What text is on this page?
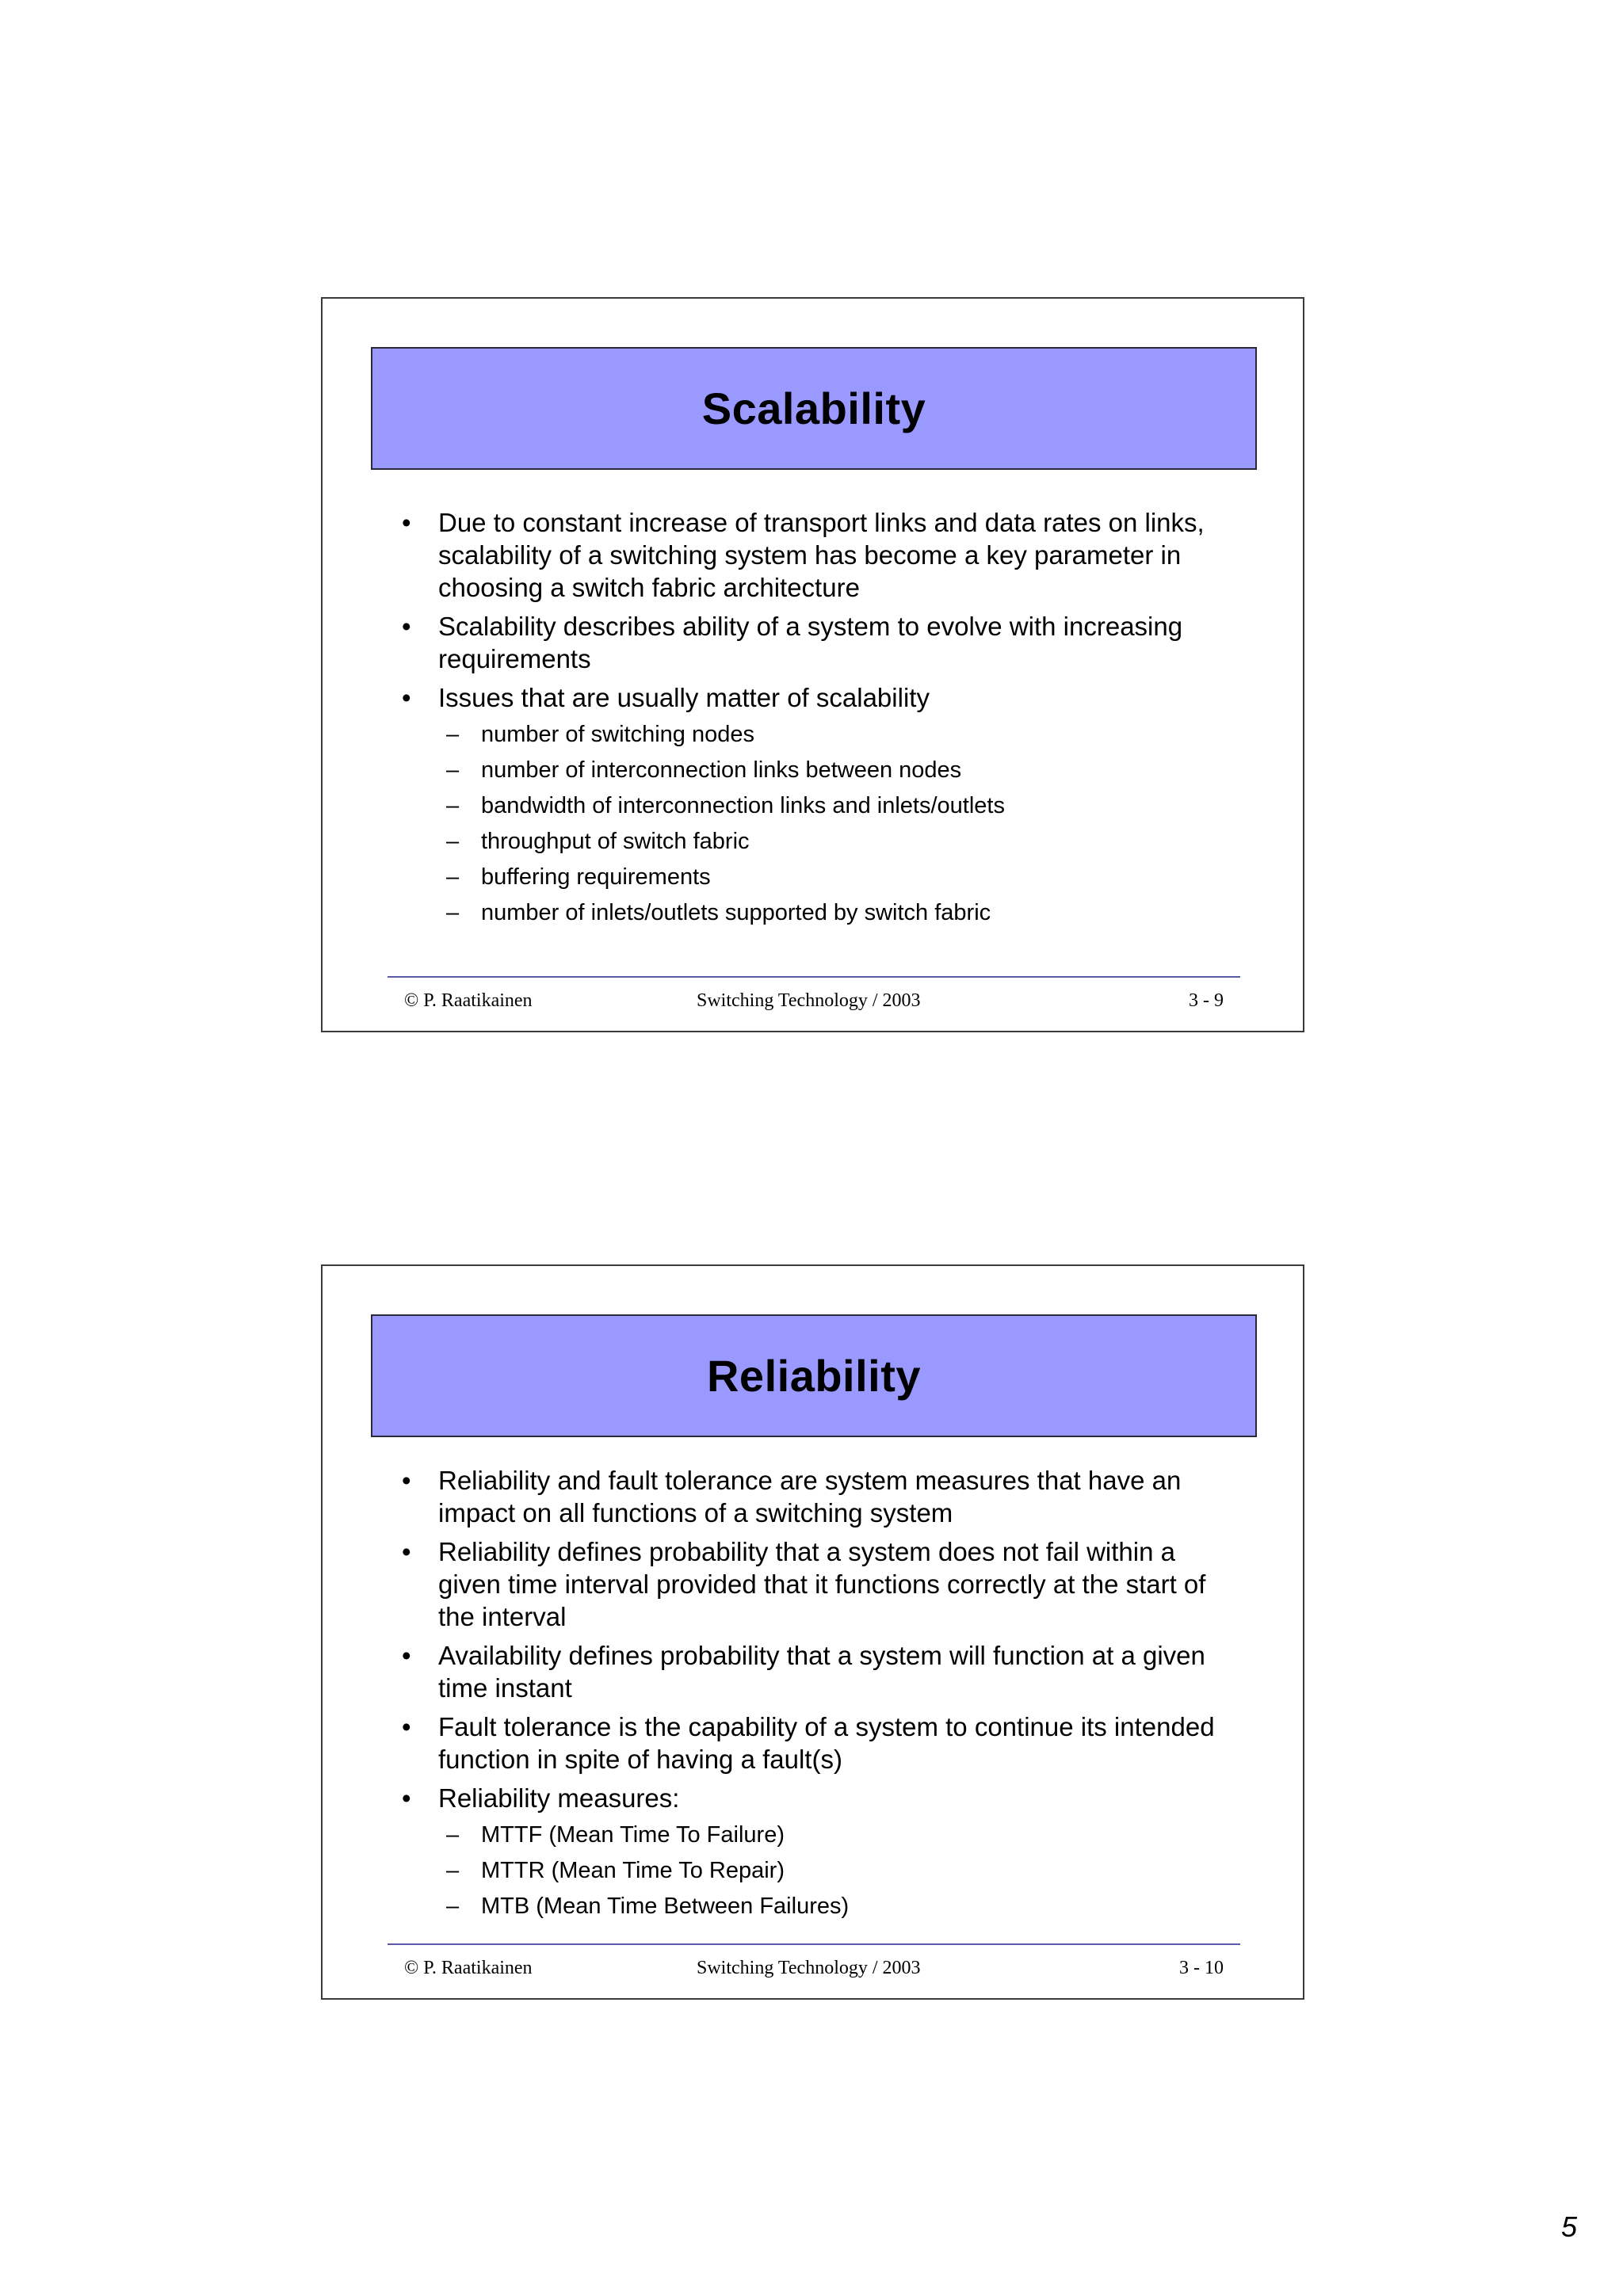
Scalability
•	Due to constant increase of transport links and data rates on links, scalability of a switching system has become a key parameter in choosing a switch fabric architecture
•	Scalability describes ability of a system to evolve with increasing requirements
•	Issues that are usually matter of scalability
– number of switching nodes
– number of interconnection links between nodes
– bandwidth of interconnection links and inlets/outlets
– throughput of switch fabric
– buffering requirements
– number of inlets/outlets supported by switch fabric
© P. Raatikainen	Switching Technology / 2003	3 - 9
Reliability
•	Reliability and fault tolerance are system measures that have an impact on all functions of a switching system
•	Reliability defines probability that a system does not fail within a given time interval provided that it functions correctly at the start of the interval
•	Availability defines probability that a system will function at a given time instant
•	Fault tolerance is the capability of a system to continue its intended function in spite of having a fault(s)
•	Reliability measures:
– MTTF (Mean Time To Failure)
– MTTR (Mean Time To Repair)
– MTB (Mean Time Between Failures)
© P. Raatikainen	Switching Technology / 2003	3 - 10
5
